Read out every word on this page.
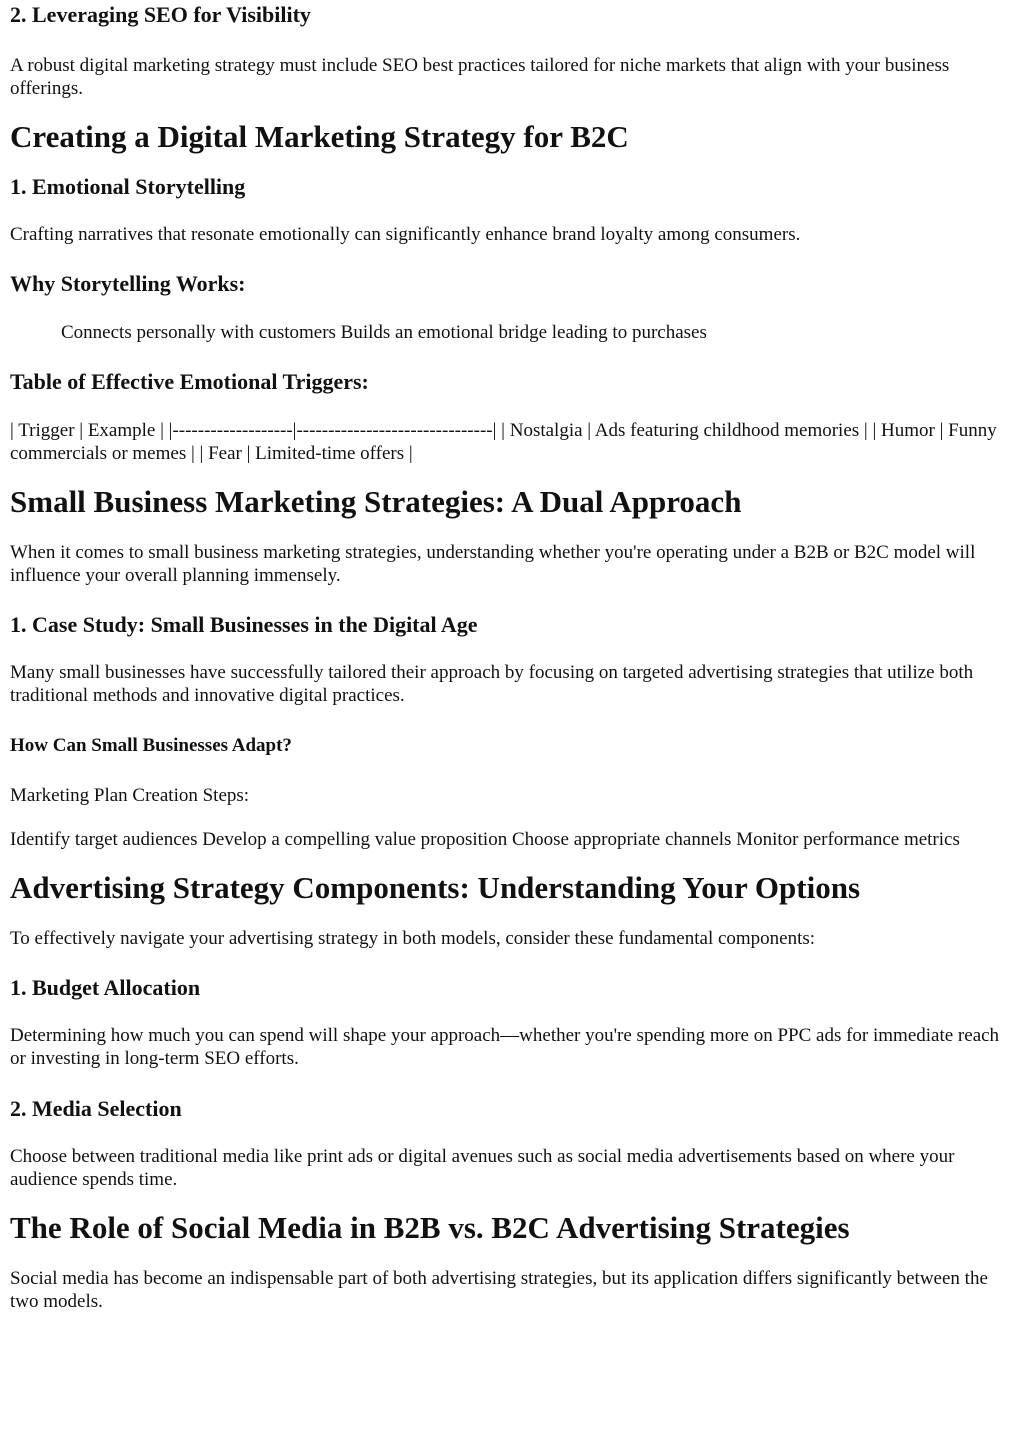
2. Leveraging SEO for Visibility

A robust digital marketing strategy must include SEO best practices tailored for niche markets that align with your business offerings.

Creating a Digital Marketing Strategy for B2C
1. Emotional Storytelling

Crafting narratives that resonate emotionally can significantly enhance brand loyalty among consumers.

Why Storytelling Works:
Connects personally with customers Builds an emotional bridge leading to purchases
Table of Effective Emotional Triggers:

| Trigger | Example | |-------------------|-------------------------------| | Nostalgia | Ads featuring childhood memories | | Humor | Funny commercials or memes | | Fear | Limited-time offers |

Small Business Marketing Strategies: A Dual Approach

When it comes to small business marketing strategies, understanding whether you're operating under a B2B or B2C model will influence your overall planning immensely.

1. Case Study: Small Businesses in the Digital Age

Many small businesses have successfully tailored their approach by focusing on targeted advertising strategies that utilize both traditional methods and innovative digital practices.

How Can Small Businesses Adapt?

Marketing Plan Creation Steps:

Identify target audiences Develop a compelling value proposition Choose appropriate channels Monitor performance metrics

Advertising Strategy Components: Understanding Your Options

To effectively navigate your advertising strategy in both models, consider these fundamental components:

1. Budget Allocation

Determining how much you can spend will shape your approach—whether you're spending more on PPC ads for immediate reach or investing in long-term SEO efforts.

2. Media Selection

Choose between traditional media like print ads or digital avenues such as social media advertisements based on where your audience spends time.

The Role of Social Media in B2B vs. B2C Advertising Strategies

Social media has become an indispensable part of both advertising strategies, but its application differs significantly between the two models.
